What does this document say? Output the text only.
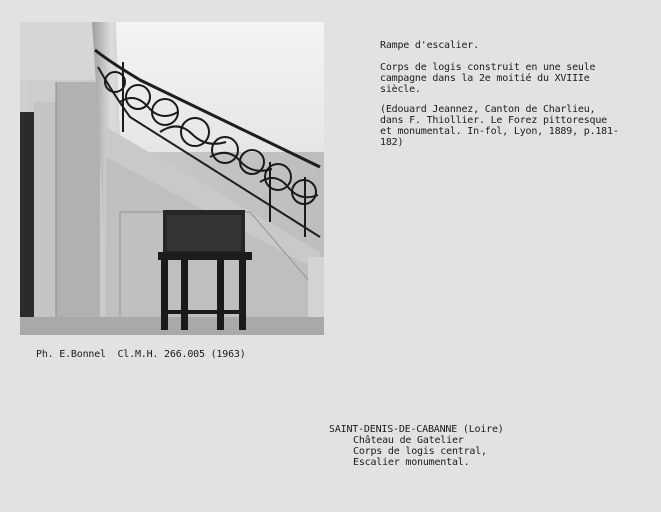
Rampe d'escalier.
Corps de logis construit en une seule
campagne dans la 2e moitié du XVIIIe
siècle.
(Edouard Jeannez, Canton de Charlieu,
dans F. Thiollier. Le Forez pittoresque
et monumental. In-fol, Lyon, 1889, p.181-
182)
Ph. E.Bonnel  Cl.M.H. 266.005 (1963)
SAINT-DENIS-DE-CABANNE (Loire)
Château de Gatelier
Corps de logis central,
Escalier monumental.
